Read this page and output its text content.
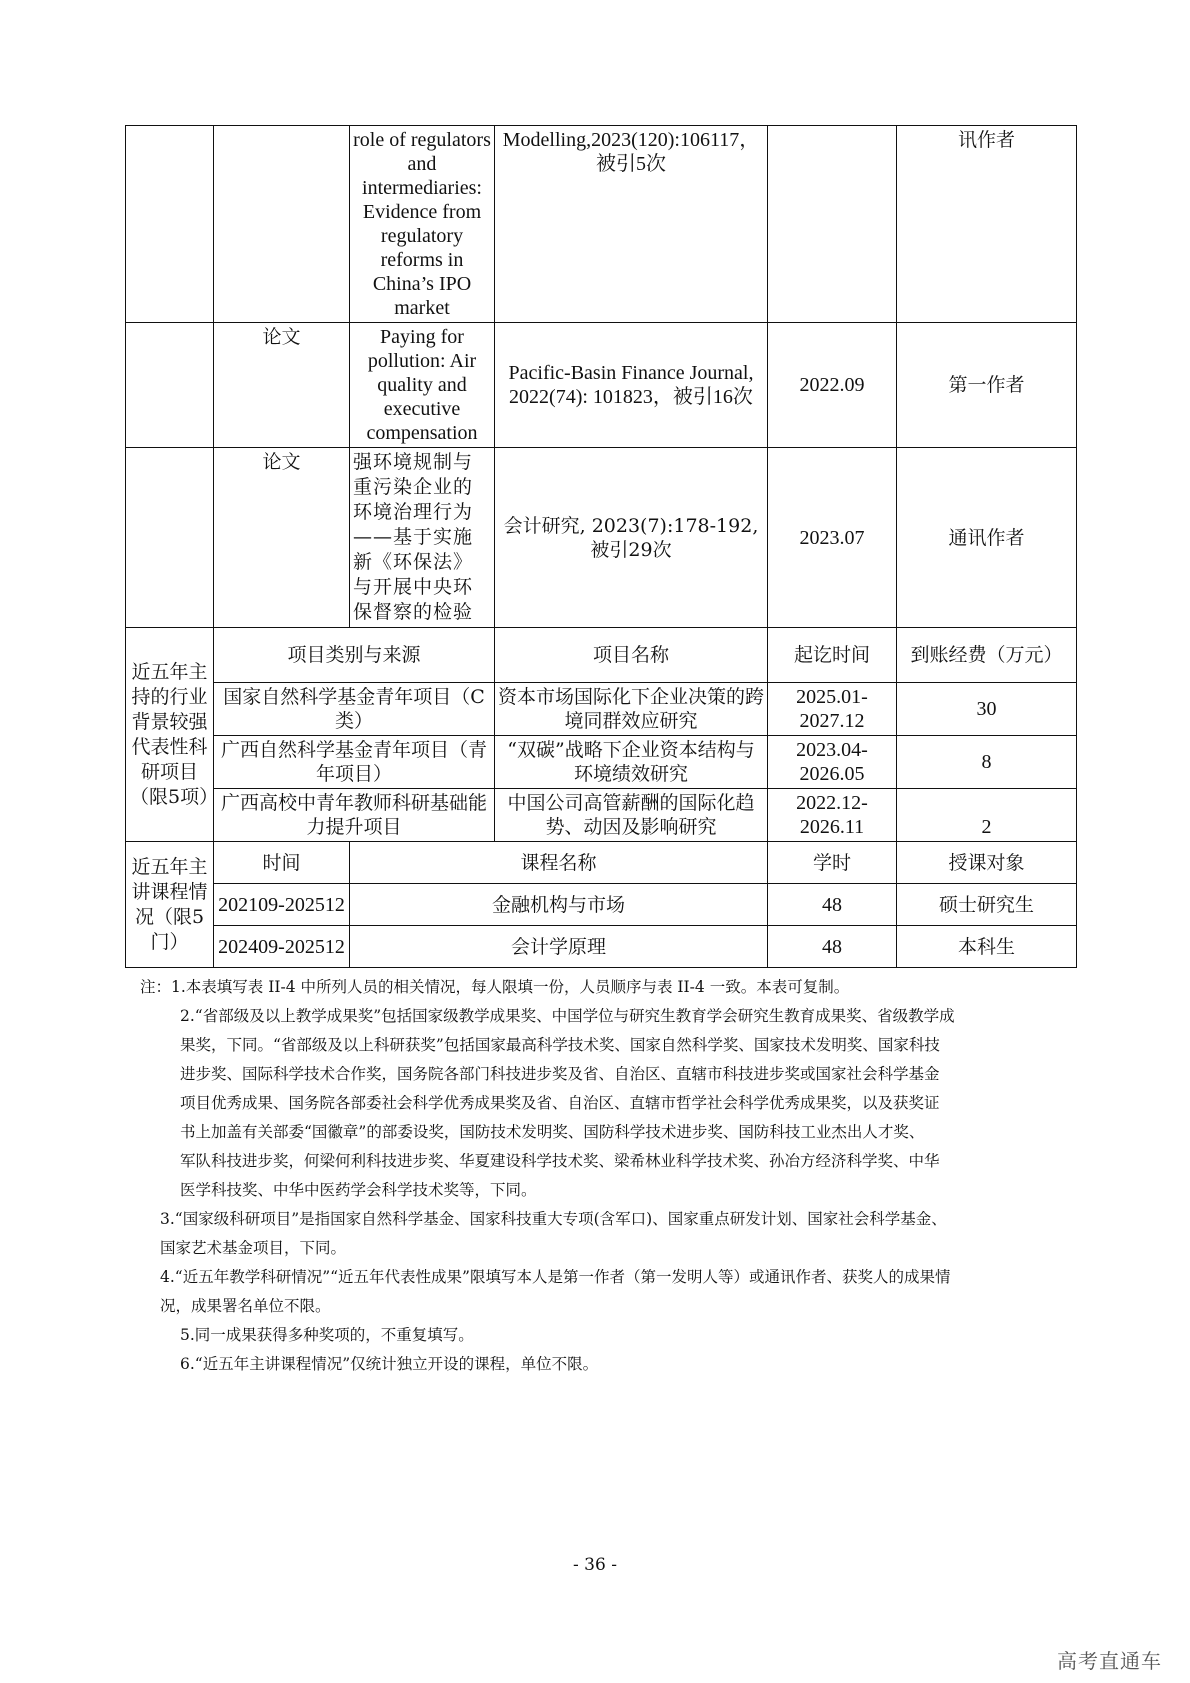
		role of regulators and intermediaries: Evidence from regulatory reforms in China’s IPO market	Modelling,2023(120):106117，被引5次		讯作者
	论文	Paying for pollution: Air quality and executive compensation	Pacific-Basin Finance Journal, 2022(74): 101823，被引16次	2022.09	第一作者
	论文	强环境规制与重污染企业的环境治理行为——基于实施新《环保法》与开展中央环保督察的检验	会计研究, 2023(7):178-192, 被引29次	2023.07	通讯作者
近五年主持的行业背景较强代表性科研项目（限5项）	项目类别与来源		项目名称	起讫时间	到账经费（万元）
	国家自然科学基金青年项目（C类）		资本市场国际化下企业决策的跨境同群效应研究	2025.01-2027.12	30
	广西自然科学基金青年项目（青年项目）		“双碳”战略下企业资本结构与环境绩效研究	2023.04-2026.05	8
	广西高校中青年教师科研基础能力提升项目		中国公司高管薪酬的国际化趋势、动因及影响研究	2022.12-2026.11	2
近五年主讲课程情况（限5门）	时间	课程名称		学时	授课对象
	202109-202512	金融机构与市场		48	硕士研究生
	202409-202512	会计学原理		48	本科生

注：1.本表填写表 II-4 中所列人员的相关情况，每人限填一份，人员顺序与表 II-4 一致。本表可复制。

2.“省部级及以上教学成果奖”包括国家级教学成果奖、中国学位与研究生教育学会研究生教育成果奖、省级教学成

果奖，下同。“省部级及以上科研获奖”包括国家最高科学技术奖、国家自然科学奖、国家技术发明奖、国家科技

进步奖、国际科学技术合作奖，国务院各部门科技进步奖及省、自治区、直辖市科技进步奖或国家社会科学基金

项目优秀成果、国务院各部委社会科学优秀成果奖及省、自治区、直辖市哲学社会科学优秀成果奖，以及获奖证

书上加盖有关部委“国徽章”的部委设奖，国防技术发明奖、国防科学技术进步奖、国防科技工业杰出人才奖、

军队科技进步奖，何梁何利科技进步奖、华夏建设科学技术奖、梁希林业科学技术奖、孙冶方经济科学奖、中华

医学科技奖、中华中医药学会科学技术奖等，下同。

3.“国家级科研项目”是指国家自然科学基金、国家科技重大专项(含军口)、国家重点研发计划、国家社会科学基金、

国家艺术基金项目，下同。

4.“近五年教学科研情况”“近五年代表性成果”限填写本人是第一作者（第一发明人等）或通讯作者、获奖人的成果情

况，成果署名单位不限。

5.同一成果获得多种奖项的，不重复填写。

6.“近五年主讲课程情况”仅统计独立开设的课程，单位不限。

- 36 -
高考直通车
